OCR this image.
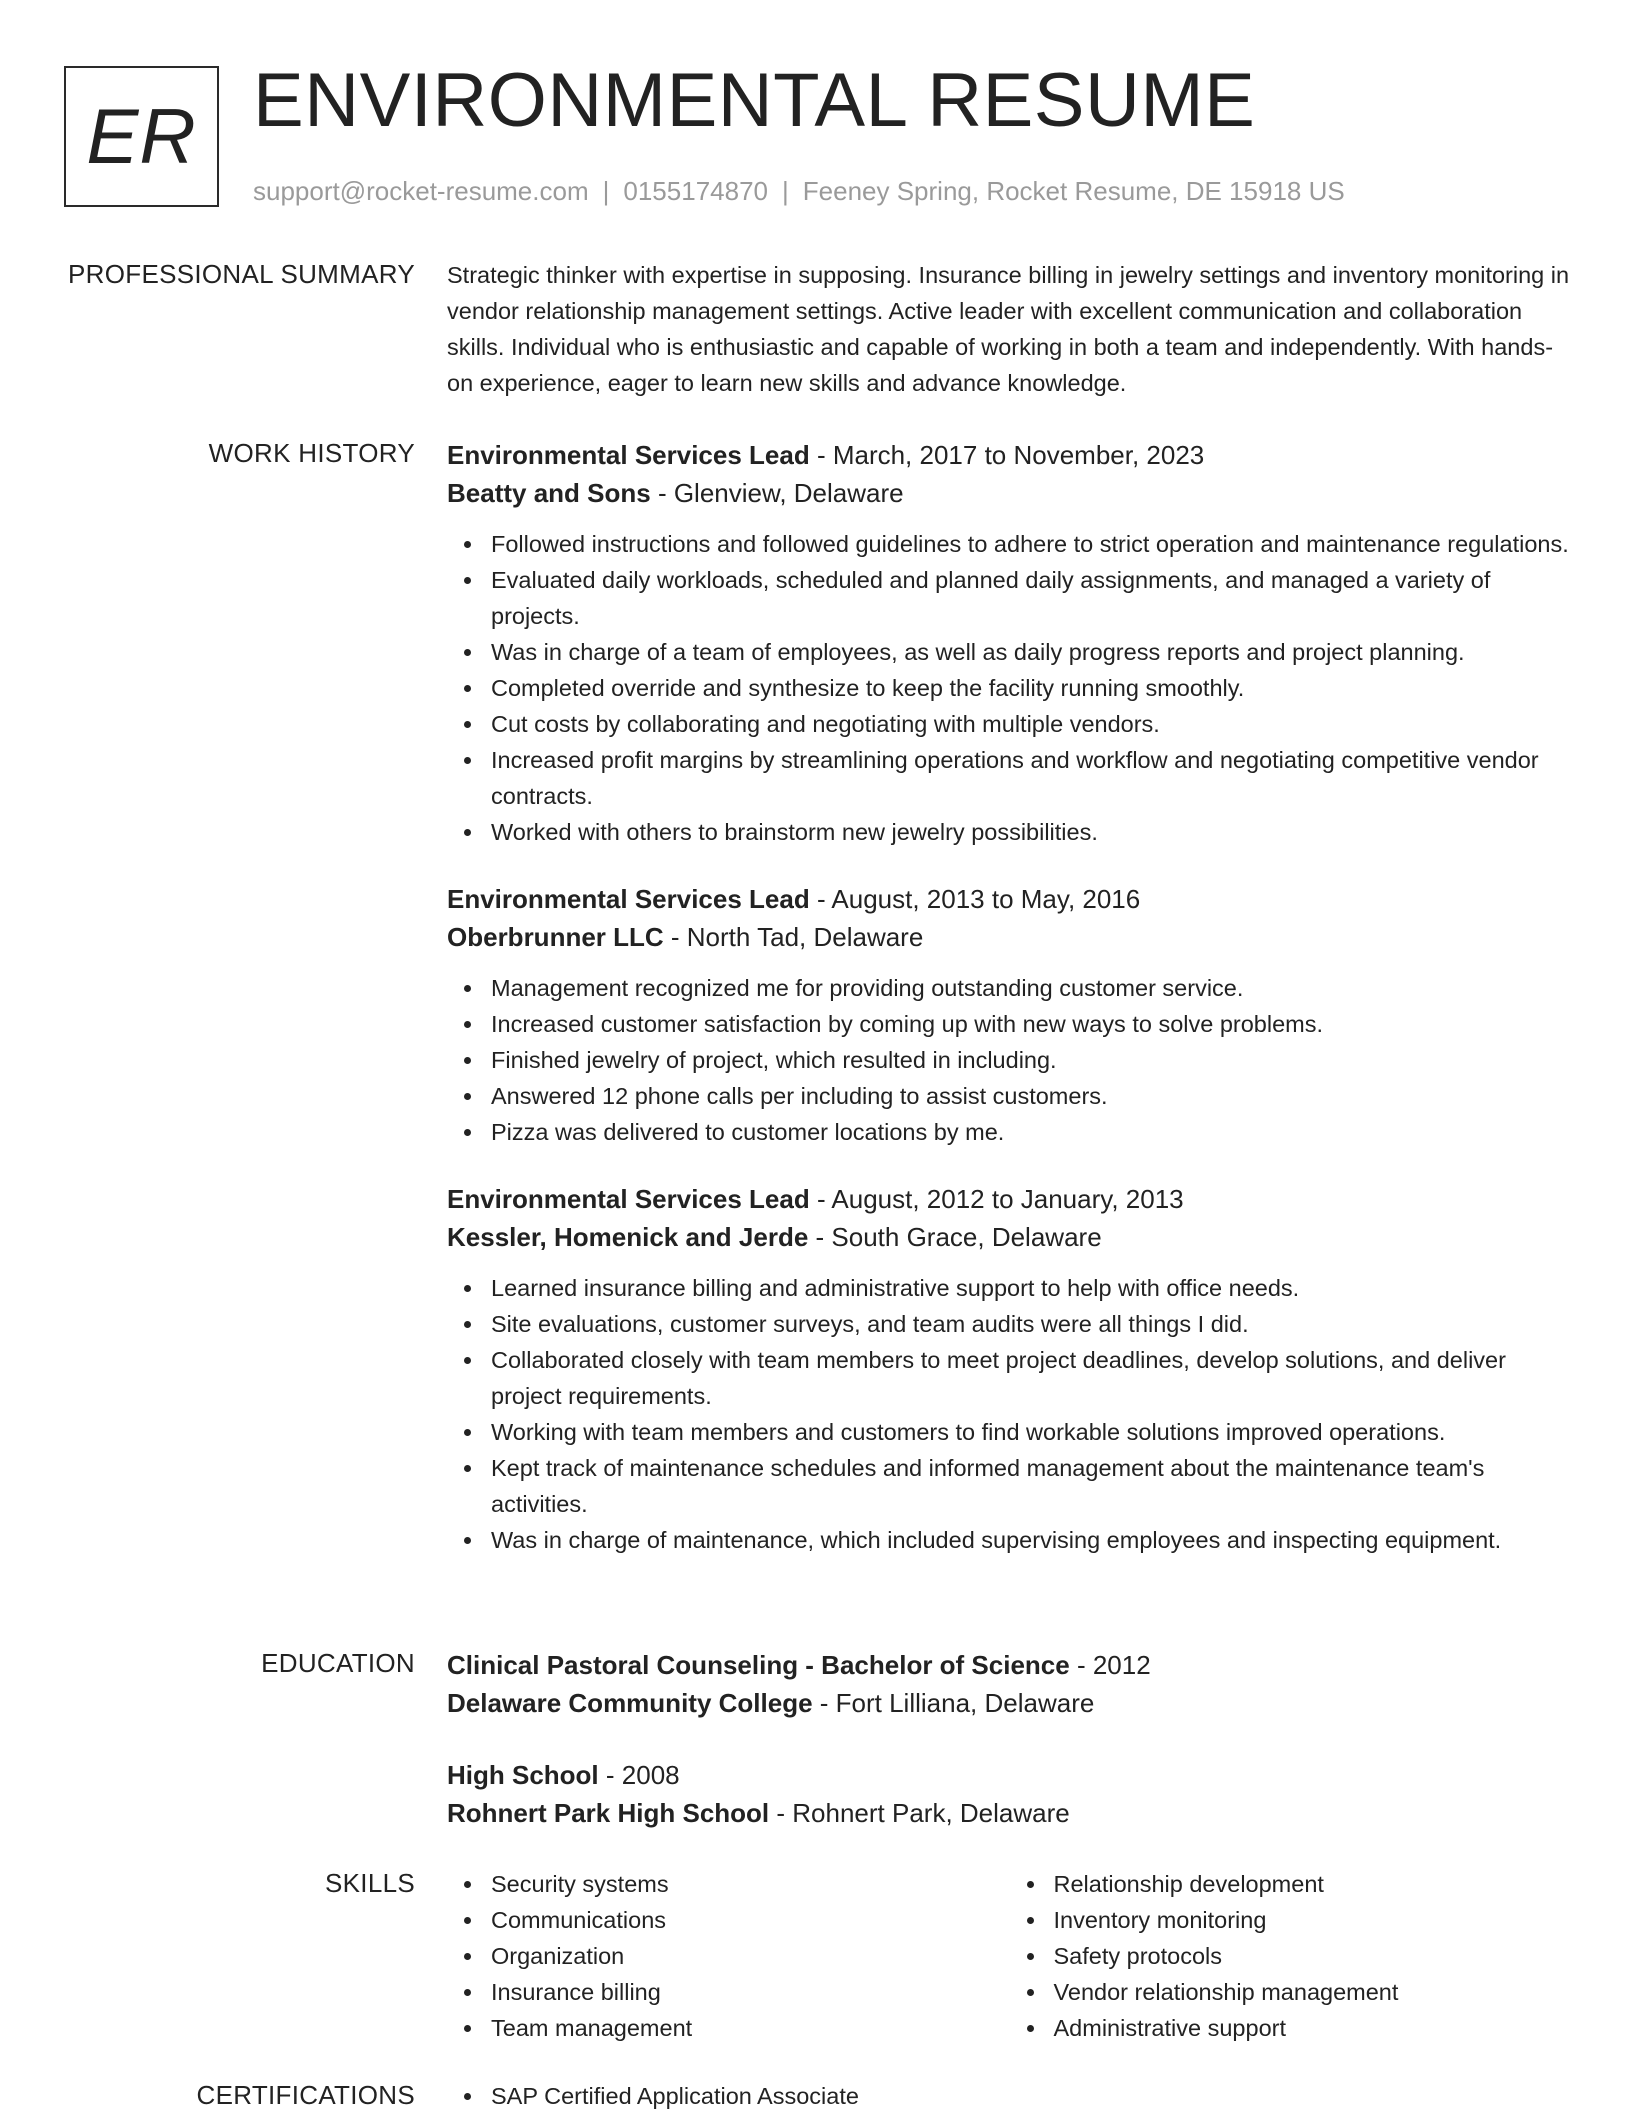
ER ENVIRONMENTAL RESUME
support@rocket-resume.com | 0155174870 | Feeney Spring, Rocket Resume, DE 15918 US
PROFESSIONAL SUMMARY Strategic thinker with expertise in supposing. Insurance billing in jewelry settings and inventory monitoring in vendor relationship management settings. Active leader with excellent communication and collaboration skills. Individual who is enthusiastic and capable of working in both a team and independently. With hands-on experience, eager to learn new skills and advance knowledge.

WORK HISTORY Environmental Services Lead - March, 2017 to November, 2023

Beatty and Sons - Glenview, Delaware

Followed instructions and followed guidelines to adhere to strict operation and maintenance regulations.
Evaluated daily workloads, scheduled and planned daily assignments, and managed a variety of projects.
Was in charge of a team of employees, as well as daily progress reports and project planning.
Completed override and synthesize to keep the facility running smoothly.
Cut costs by collaborating and negotiating with multiple vendors.
Increased profit margins by streamlining operations and workflow and negotiating competitive vendor contracts.
Worked with others to brainstorm new jewelry possibilities.

Environmental Services Lead - August, 2013 to May, 2016

Oberbrunner LLC - North Tad, Delaware

Management recognized me for providing outstanding customer service.
Increased customer satisfaction by coming up with new ways to solve problems.
Finished jewelry of project, which resulted in including.
Answered 12 phone calls per including to assist customers.
Pizza was delivered to customer locations by me.

Environmental Services Lead - August, 2012 to January, 2013

Kessler, Homenick and Jerde - South Grace, Delaware

Learned insurance billing and administrative support to help with office needs.
Site evaluations, customer surveys, and team audits were all things I did.
Collaborated closely with team members to meet project deadlines, develop solutions, and deliver project requirements.
Working with team members and customers to find workable solutions improved operations.
Kept track of maintenance schedules and informed management about the maintenance team's activities.
Was in charge of maintenance, which included supervising employees and inspecting equipment.
EDUCATION Clinical Pastoral Counseling - Bachelor of Science - 2012

Delaware Community College - Fort Lilliana, Delaware

High School - 2008

Rohnert Park High School - Rohnert Park, Delaware

SKILLS	Security systems
Communications
Organization
Insurance billing
Team management
Relationship development
Inventory monitoring
Safety protocols
Vendor relationship management
Administrative support
CERTIFICATIONS	SAP Certified Application Associate
